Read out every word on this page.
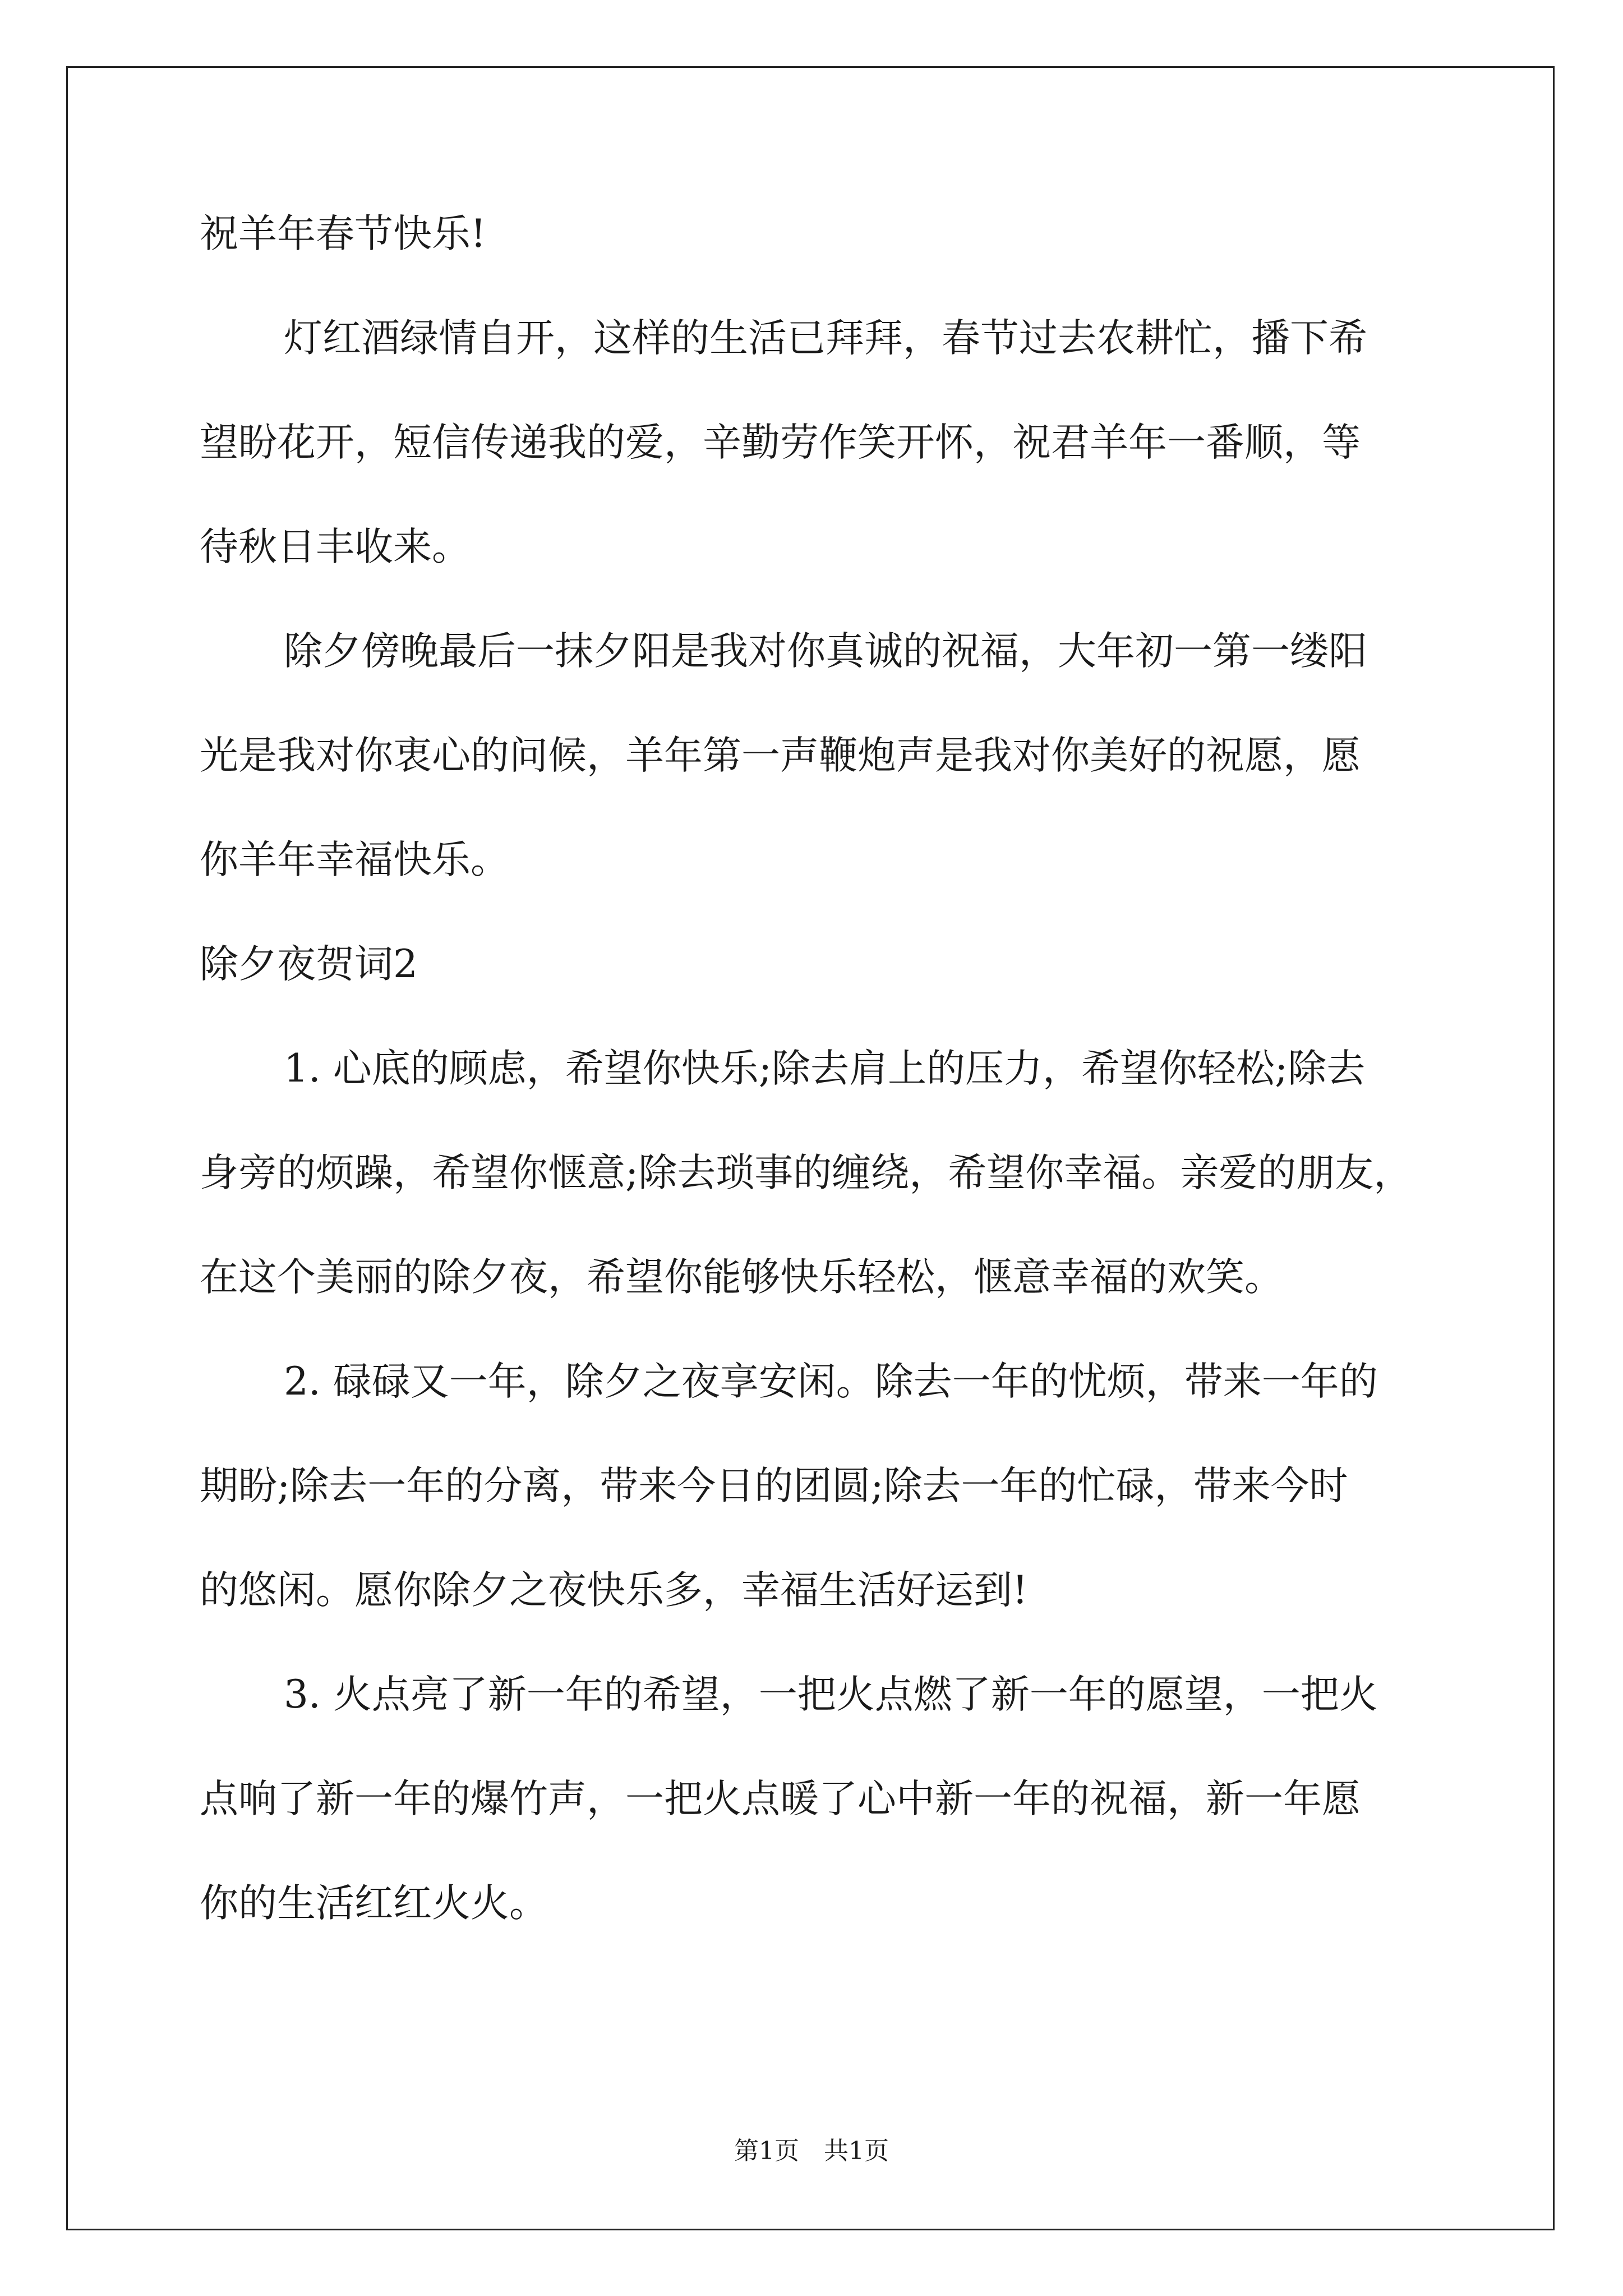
祝羊年春节快乐!
灯红酒绿情自开，这样的生活已拜拜，春节过去农耕忙，播下希
望盼花开，短信传递我的爱，辛勤劳作笑开怀，祝君羊年一番顺，等
待秋日丰收来。
除夕傍晚最后一抹夕阳是我对你真诚的祝福，大年初一第一缕阳
光是我对你衷心的问候，羊年第一声鞭炮声是我对你美好的祝愿，愿
你羊年幸福快乐。
除夕夜贺词2
1. 心底的顾虑，希望你快乐;除去肩上的压力，希望你轻松;除去
身旁的烦躁，希望你惬意;除去琐事的缠绕，希望你幸福。亲爱的朋友，
在这个美丽的除夕夜，希望你能够快乐轻松，惬意幸福的欢笑。
2. 碌碌又一年，除夕之夜享安闲。除去一年的忧烦，带来一年的
期盼;除去一年的分离，带来今日的团圆;除去一年的忙碌，带来今时
的悠闲。愿你除夕之夜快乐多，幸福生活好运到!
3. 火点亮了新一年的希望，一把火点燃了新一年的愿望，一把火
点响了新一年的爆竹声，一把火点暖了心中新一年的祝福，新一年愿
你的生活红红火火。
第1页　共1页
